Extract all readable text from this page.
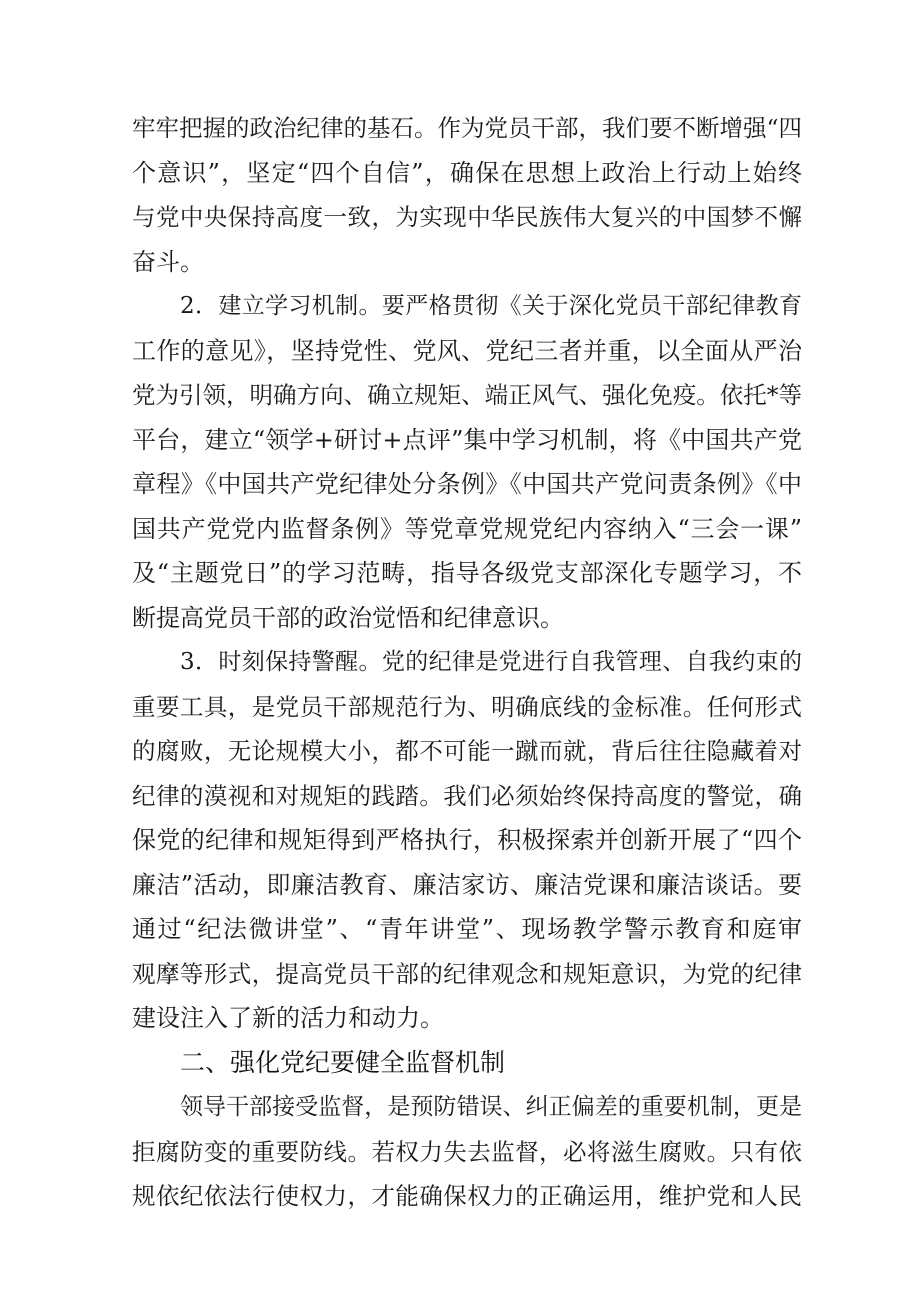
牢牢把握的政治纪律的基石。作为党员干部，我们要不断增强“四
个意识”，坚定“四个自信”，确保在思想上政治上行动上始终
与党中央保持高度一致，为实现中华民族伟大复兴的中国梦不懈
奋斗。
2．建立学习机制。要严格贯彻《关于深化党员干部纪律教育
工作的意见》，坚持党性、党风、党纪三者并重，以全面从严治
党为引领，明确方向、确立规矩、端正风气、强化免疫。依托*等
平台，建立“领学+研讨+点评”集中学习机制，将《中国共产党
章程》《中国共产党纪律处分条例》《中国共产党问责条例》《中
国共产党党内监督条例》等党章党规党纪内容纳入“三会一课”
及“主题党日”的学习范畴，指导各级党支部深化专题学习，不
断提高党员干部的政治觉悟和纪律意识。
3．时刻保持警醒。党的纪律是党进行自我管理、自我约束的
重要工具，是党员干部规范行为、明确底线的金标准。任何形式
的腐败，无论规模大小，都不可能一蹴而就，背后往往隐藏着对
纪律的漠视和对规矩的践踏。我们必须始终保持高度的警觉，确
保党的纪律和规矩得到严格执行，积极探索并创新开展了“四个
廉洁”活动，即廉洁教育、廉洁家访、廉洁党课和廉洁谈话。要
通过“纪法微讲堂”、“青年讲堂”、现场教学警示教育和庭审
观摩等形式，提高党员干部的纪律观念和规矩意识，为党的纪律
建设注入了新的活力和动力。
二、强化党纪要健全监督机制
领导干部接受监督，是预防错误、纠正偏差的重要机制，更是
拒腐防变的重要防线。若权力失去监督，必将滋生腐败。只有依
规依纪依法行使权力，才能确保权力的正确运用，维护党和人民
